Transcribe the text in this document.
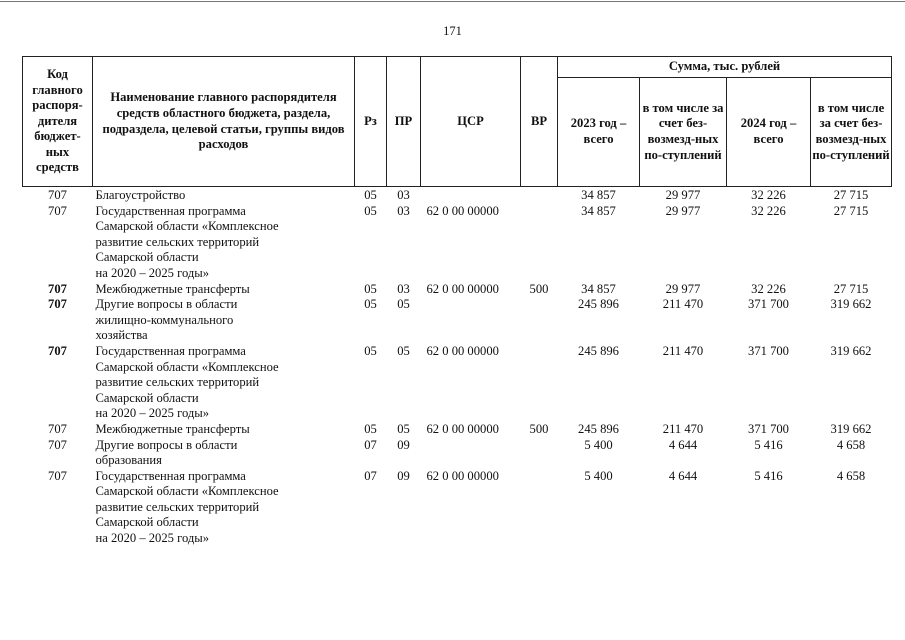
171
Код главного распоря-дителя бюджет-ных средств	Наименование главного распорядителя средств областного бюджета, раздела, подраздела, целевой статьи, группы видов расходов	Рз	ПР	ЦСР	ВР	Сумма, тыс. рублей			
						2023 год – всего	в том числе за счет без-возмезд-ных по-ступлений	2024 год – всего	в том числе за счет без-возмезд-ных по-ступлений
707	Благоустройство	05	03			34 857	29 977	32 226	27 715
707	Государственная программа
Самарской области «Комплексное
развитие сельских территорий
Самарской области
на 2020 – 2025 годы»	05	03	62 0 00 00000		34 857	29 977	32 226	27 715
707	Межбюджетные трансферты	05	03	62 0 00 00000	500	34 857	29 977	32 226	27 715
707	Другие вопросы в области
жилищно-коммунального
хозяйства	05	05			245 896	211 470	371 700	319 662
707	Государственная программа
Самарской области «Комплексное
развитие сельских территорий
Самарской области
на 2020 – 2025 годы»	05	05	62 0 00 00000		245 896	211 470	371 700	319 662
707	Межбюджетные трансферты	05	05	62 0 00 00000	500	245 896	211 470	371 700	319 662
707	Другие вопросы в области
образования	07	09			5 400	4 644	5 416	4 658
707	Государственная программа
Самарской области «Комплексное
развитие сельских территорий
Самарской области
на 2020 – 2025 годы»	07	09	62 0 00 00000		5 400	4 644	5 416	4 658
